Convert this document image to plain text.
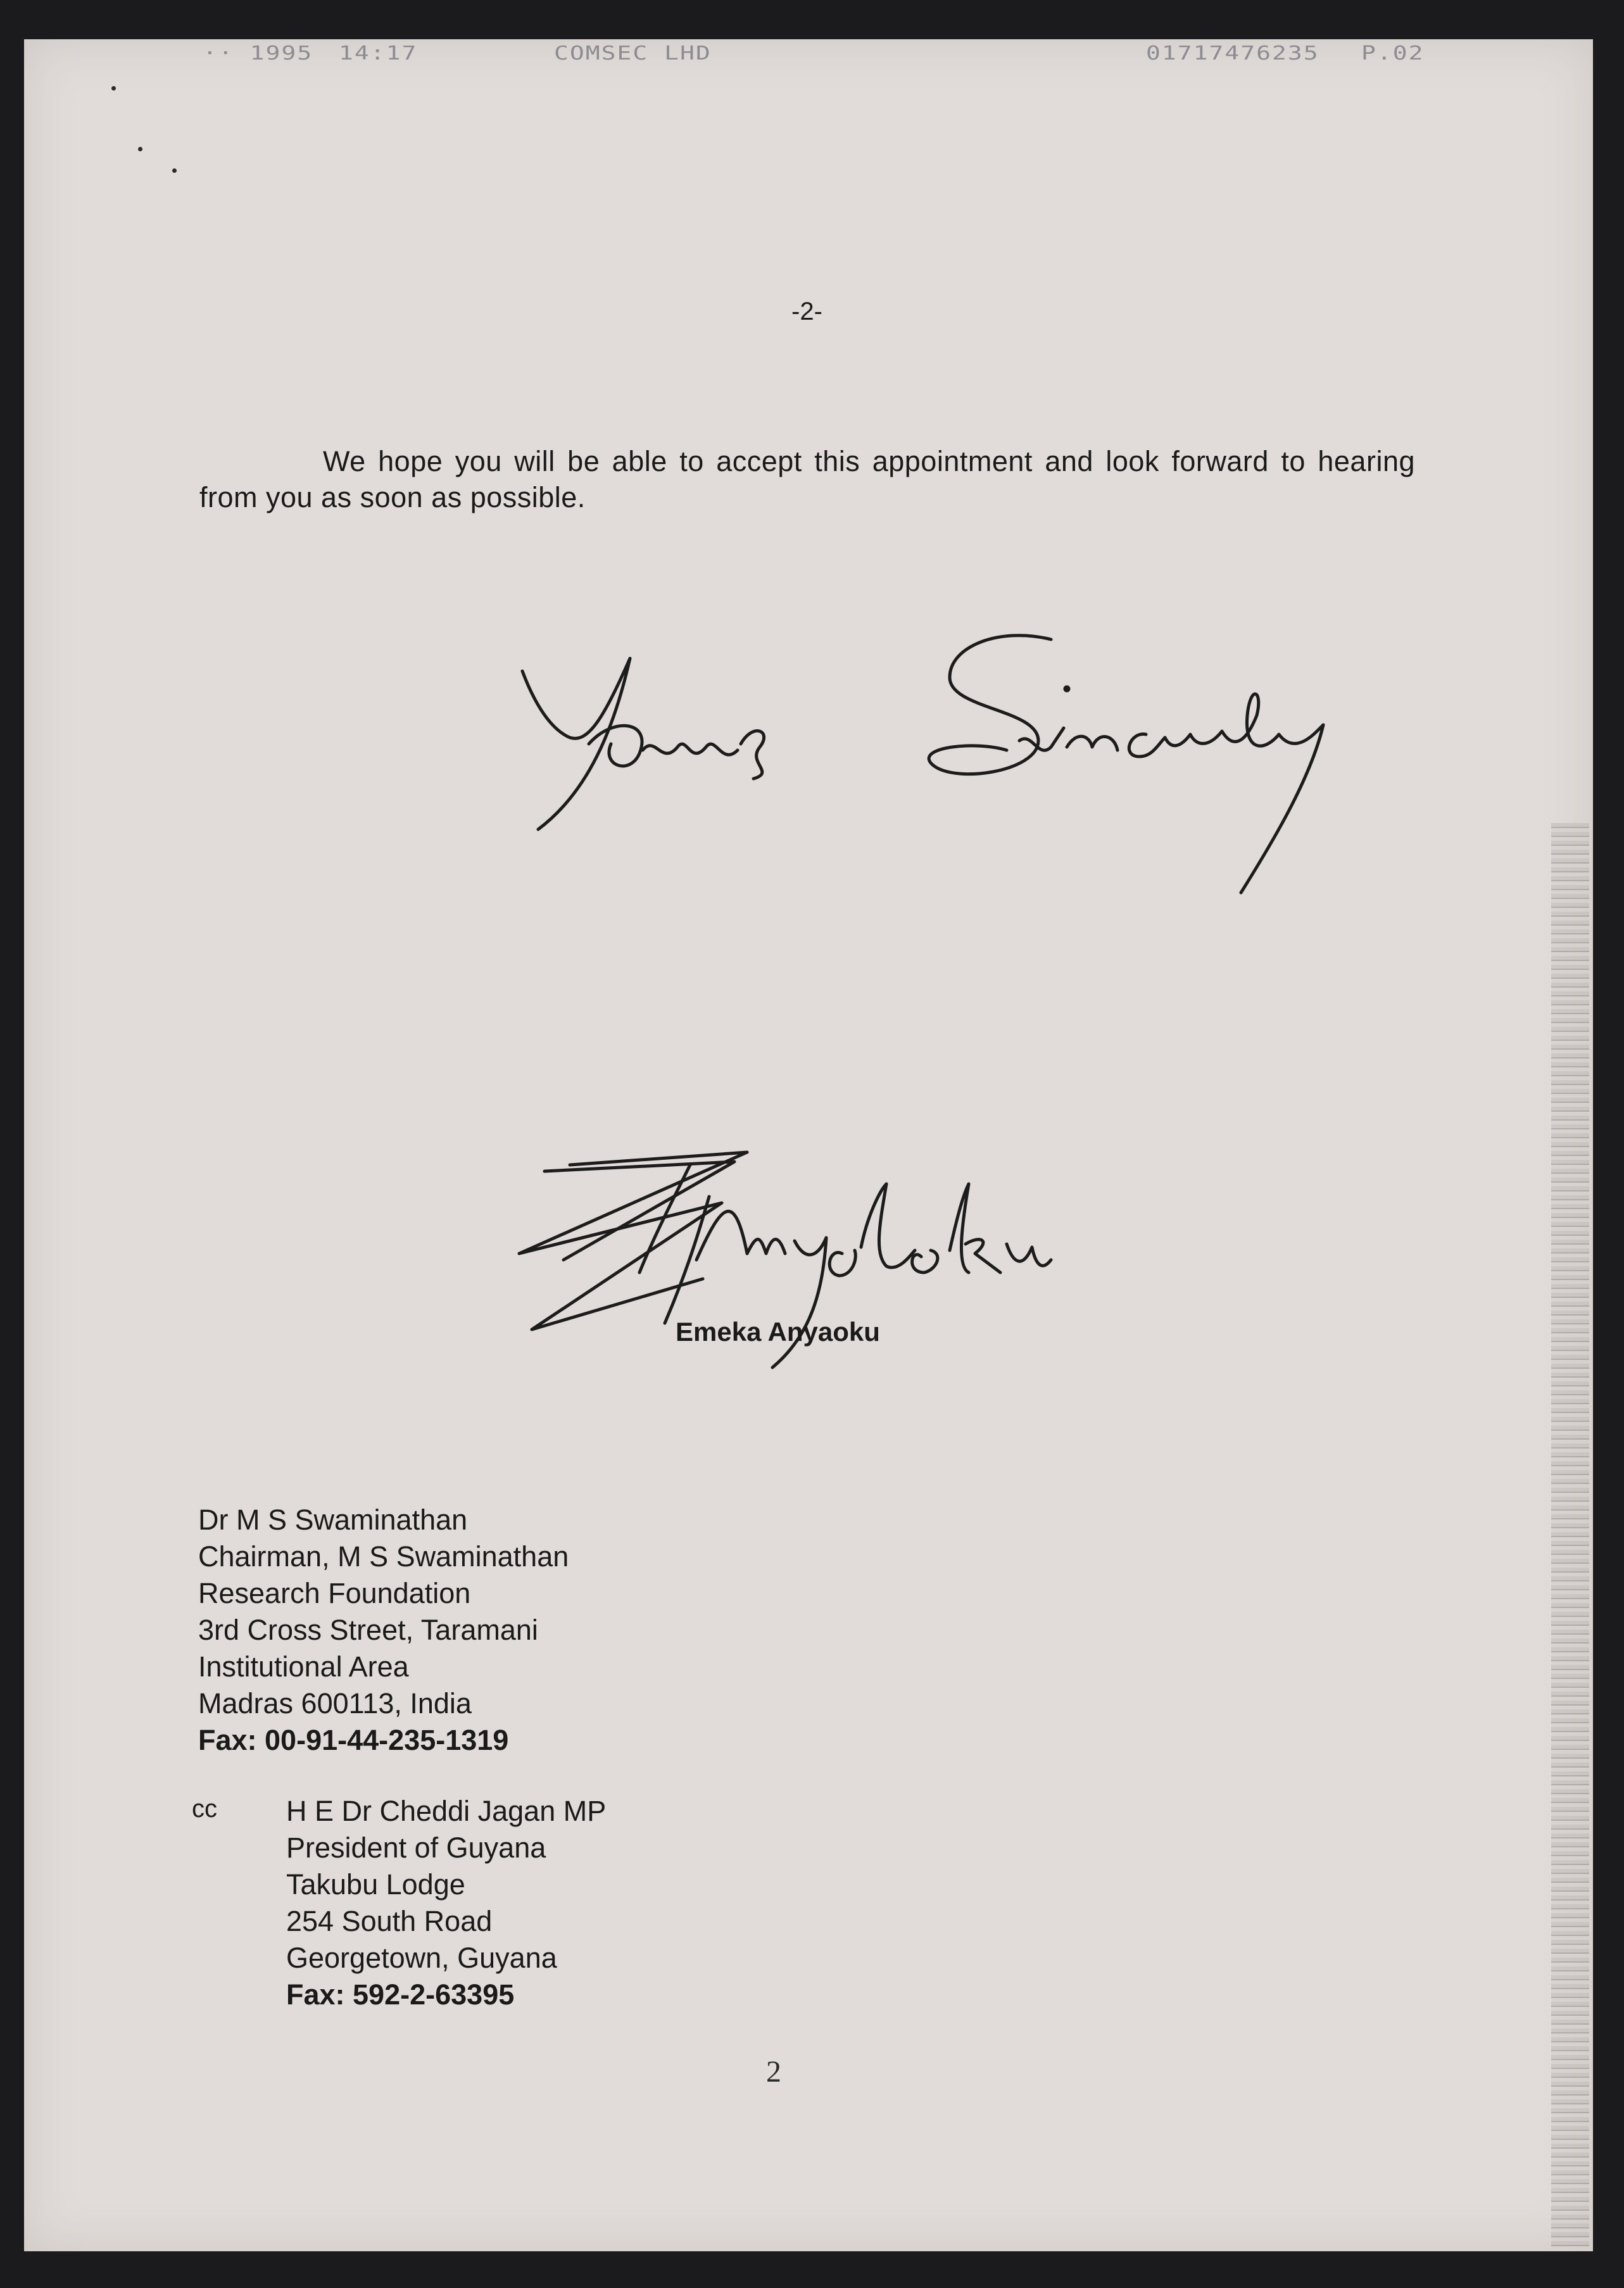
·· 1995 14:17	COMSEC LHD	01717476235 P.02
-2-
We hope you will be able to accept this appointment and look forward to hearing from you as soon as possible.
Emeka Anyaoku
Dr M S Swaminathan
Chairman, M S Swaminathan
Research Foundation
3rd Cross Street, Taramani
Institutional Area
Madras 600113, India
Fax: 00-91-44-235-1319
cc H E Dr Cheddi Jagan MP
President of Guyana
Takubu Lodge
254 South Road
Georgetown, Guyana
Fax: 592-2-63395
2
